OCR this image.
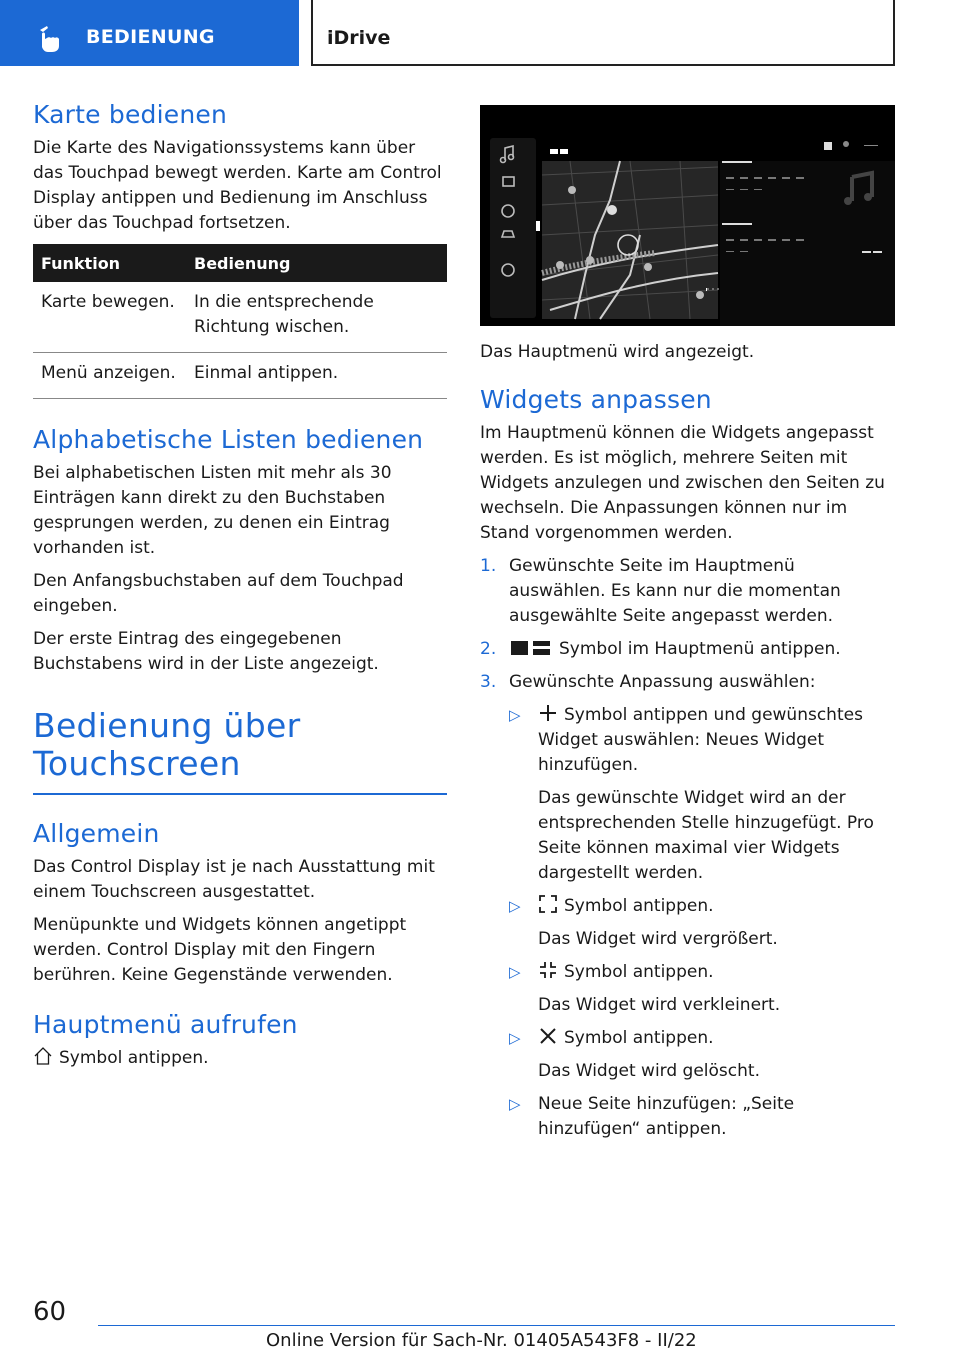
BEDIENUNG	iDrive
Karte bedienen

Die Karte des Navigationssystems kann über das Touchpad bewegt werden. Karte am Control Display antippen und Bedienung im Anschluss über das Touchpad fortsetzen.

Funktion	Bedienung
Karte bewegen.	In die entsprechende Richtung wischen.
Menü anzeigen.	Einmal antippen.
Alphabetische Listen bedienen

Bei alphabetischen Listen mit mehr als 30 Einträgen kann direkt zu den Buchstaben gesprungen werden, zu denen ein Eintrag vorhanden ist.

Den Anfangsbuchstaben auf dem Touchpad eingeben.

Der erste Eintrag des eingegebenen Buchstabens wird in der Liste angezeigt.

Bedienung über Touchscreen
Allgemein

Das Control Display ist je nach Ausstattung mit einem Touchscreen ausgestattet.

Menüpunkte und Widgets können angetippt werden. Control Display mit den Fingern berühren. Keine Gegenstände verwenden.

Hauptmenü aufrufen

Symbol antippen.

Das Hauptmenü wird angezeigt.

Widgets anpassen

Im Hauptmenü können die Widgets angepasst werden. Es ist möglich, mehrere Seiten mit Widgets anzulegen und zwischen den Seiten zu wechseln. Die Anpassungen können nur im Stand vorgenommen werden.

1. Gewünschte Seite im Hauptmenü auswählen. Es kann nur die momentan ausgewählte Seite angepasst werden.
2.	Symbol im Hauptmenü antippen.
3. Gewünschte Anpassung auswählen:
▷	Symbol antippen und gewünschtes Widget auswählen: Neues Widget hinzufügen.
Das gewünschte Widget wird an der entsprechenden Stelle hinzugefügt. Pro Seite können maximal vier Widgets dargestellt werden.
▷	Symbol antippen.
Das Widget wird vergrößert.
▷	Symbol antippen.
Das Widget wird verkleinert.
▷	Symbol antippen.
Das Widget wird gelöscht.
▷ Neue Seite hinzufügen: „Seite hinzufügen“ antippen.
60
Online Version für Sach-Nr. 01405A543F8 - II/22
